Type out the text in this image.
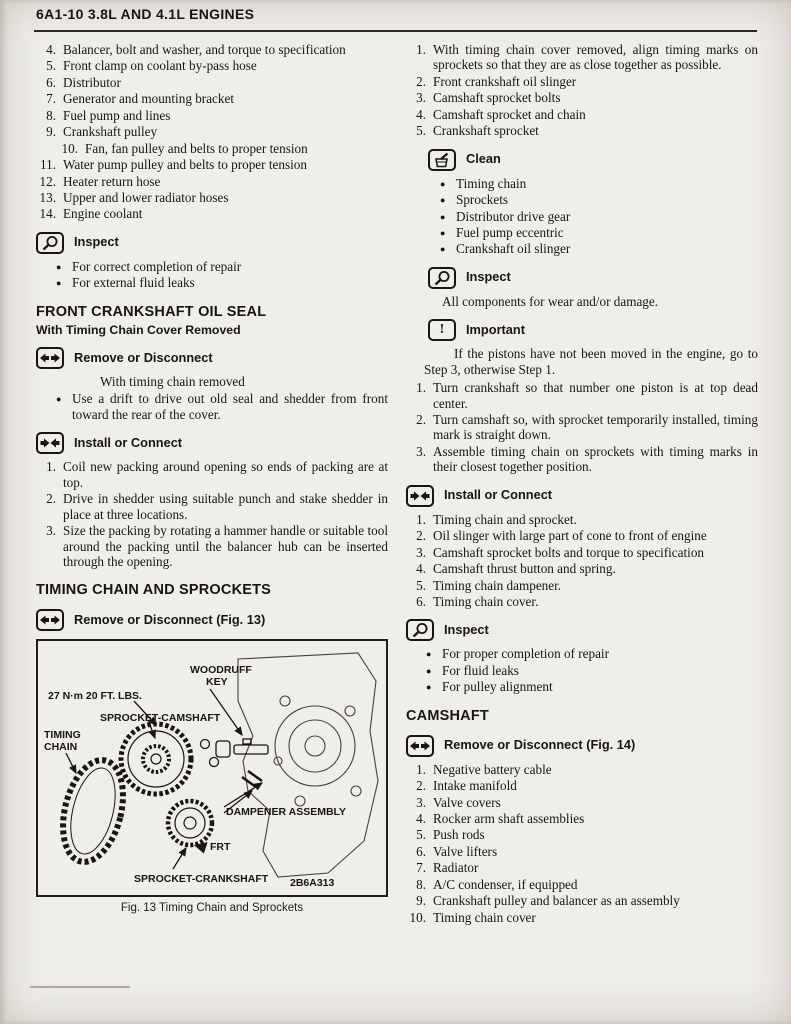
6A1-10 3.8L AND 4.1L ENGINES
4. Balancer, bolt and washer, and torque to specification
5. Front clamp on coolant by-pass hose
6. Distributor
7. Generator and mounting bracket
8. Fuel pump and lines
9. Crankshaft pulley
10. Fan, fan pulley and belts to proper tension
11. Water pump pulley and belts to proper tension
12. Heater return hose
13. Upper and lower radiator hoses
14. Engine coolant
Inspect
●
For correct completion of repair
●
For external fluid leaks
FRONT CRANKSHAFT OIL SEAL
With Timing Chain Cover Removed
Remove or Disconnect
With timing chain removed
●
Use a drift to drive out old seal and shedder from front toward the rear of the cover.
Install or Connect
1. Coil new packing around opening so ends of packing are at top.
2. Drive in shedder using suitable punch and stake shedder in place at three locations.
3. Size the packing by rotating a hammer handle or suitable tool around the packing until the balancer hub can be inserted through the opening.
TIMING CHAIN AND SPROCKETS
Remove or Disconnect (Fig. 13)
WOODRUFF
KEY
27 N·m 20 FT. LBS.
SPROCKET-CAMSHAFT
TIMING
CHAIN
DAMPENER ASSEMBLY
FRT
SPROCKET-CRANKSHAFT 2B6A313
Fig. 13 Timing Chain and Sprockets
1. With timing chain cover removed, align timing marks on sprockets so that they are as close together as possible.
2. Front crankshaft oil slinger
3. Camshaft sprocket bolts
4. Camshaft sprocket and chain
5. Crankshaft sprocket
Clean
●
Timing chain
●
Sprockets
●
Distributor drive gear
●
Fuel pump eccentric
●
Crankshaft oil slinger
Inspect
All components for wear and/or damage.
! Important
If the pistons have not been moved in the engine, go to Step 3, otherwise Step 1.
1. Turn crankshaft so that number one piston is at top dead center.
2. Turn camshaft so, with sprocket temporarily installed, timing mark is straight down.
3. Assemble timing chain on sprockets with timing marks in their closest together position.
Install or Connect
1. Timing chain and sprocket.
2. Oil slinger with large part of cone to front of engine
3. Camshaft sprocket bolts and torque to specification
4. Camshaft thrust button and spring.
5. Timing chain dampener.
6. Timing chain cover.
Inspect
●
For proper completion of repair
●
For fluid leaks
●
For pulley alignment
CAMSHAFT
Remove or Disconnect (Fig. 14)
1. Negative battery cable
2. Intake manifold
3. Valve covers
4. Rocker arm shaft assemblies
5. Push rods
6. Valve lifters
7. Radiator
8. A/C condenser, if equipped
9. Crankshaft pulley and balancer as an assembly
10. Timing chain cover
